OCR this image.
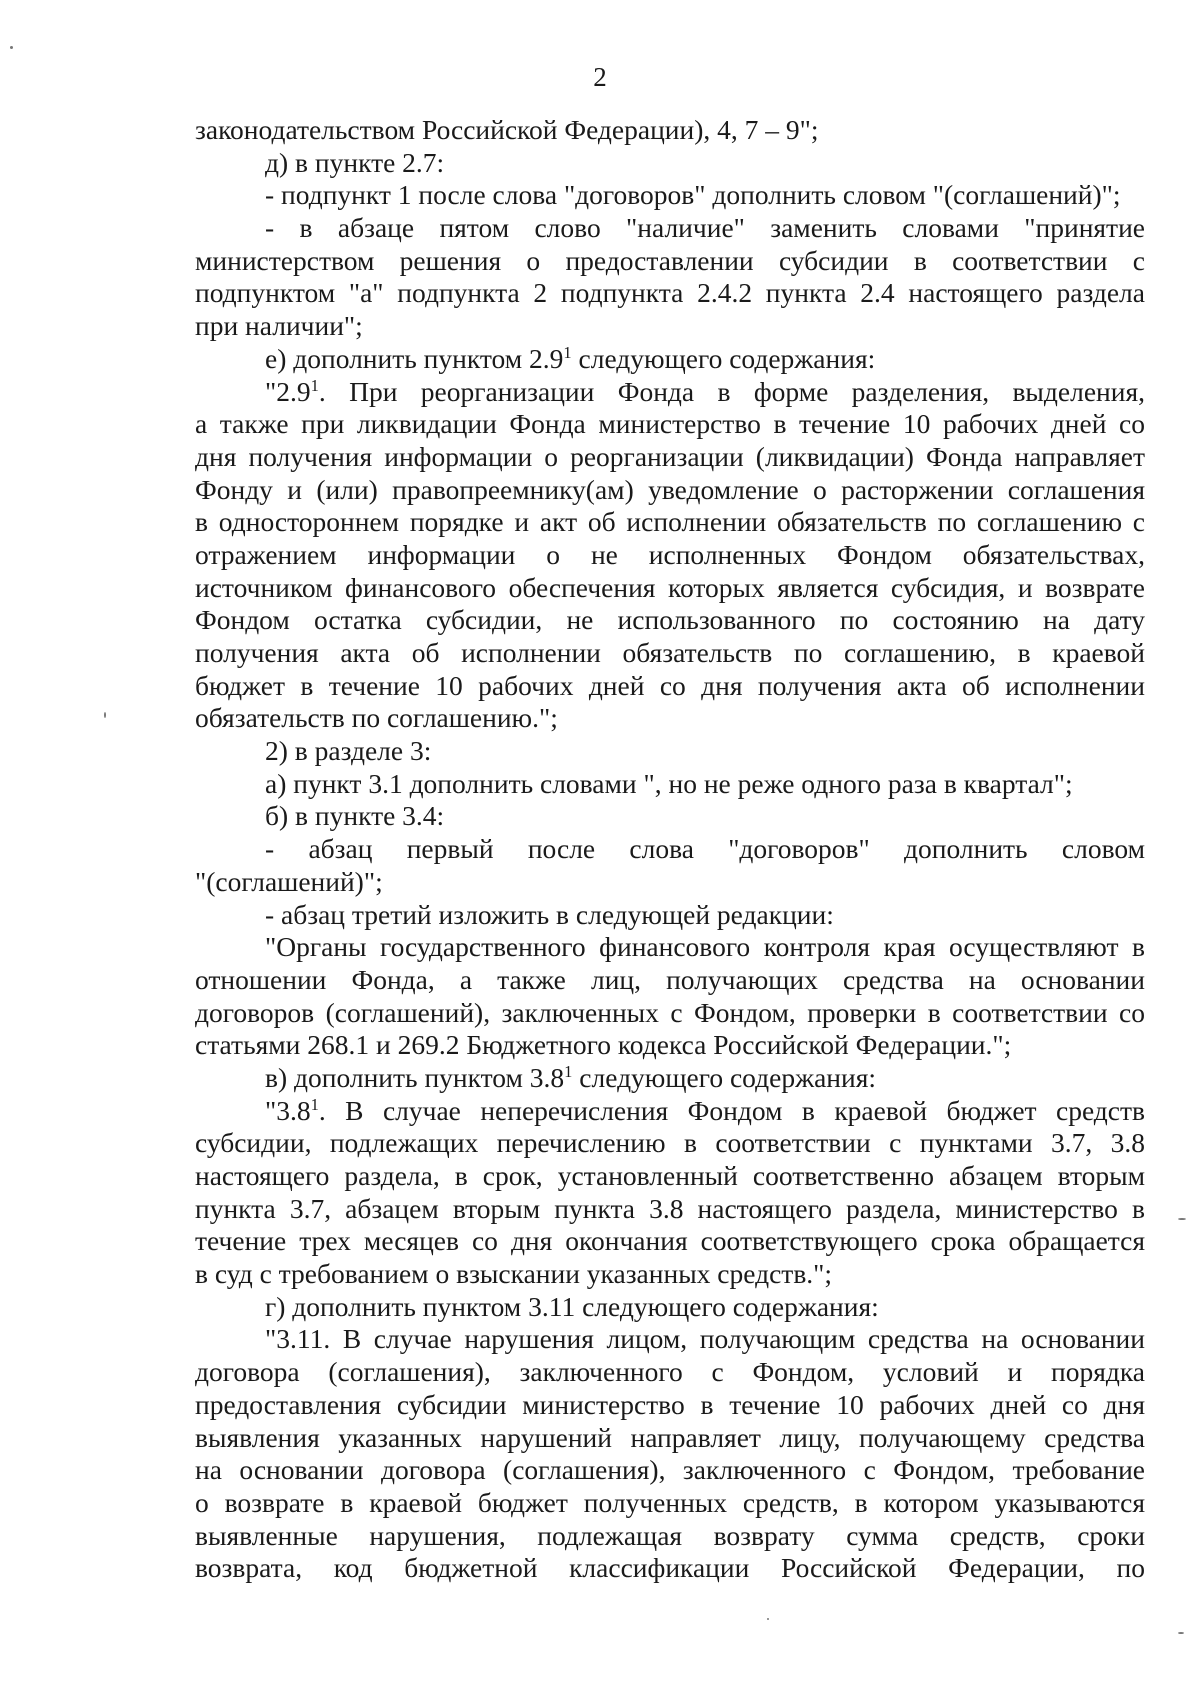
2
законодательством Российской Федерации), 4, 7 – 9";
д) в пункте 2.7:
- подпункт 1 после слова "договоров" дополнить словом "(соглашений)";
- в абзаце пятом слово "наличие" заменить словами "принятие
министерством решения о предоставлении субсидии в соответствии с
подпунктом "а" подпункта 2 подпункта 2.4.2 пункта 2.4 настоящего раздела
при наличии";
е) дополнить пунктом $2.9^1$ следующего содержания:
"$2.9^1$. При реорганизации Фонда в форме разделения, выделения,
а также при ликвидации Фонда министерство в течение 10 рабочих дней со
дня получения информации о реорганизации (ликвидации) Фонда направляет
Фонду и (или) правопреемнику(ам) уведомление о расторжении соглашения
в одностороннем порядке и акт об исполнении обязательств по соглашению с
отражением информации о не исполненных Фондом обязательствах,
источником финансового обеспечения которых является субсидия, и возврате
Фондом остатка субсидии, не использованного по состоянию на дату
получения акта об исполнении обязательств по соглашению, в краевой
бюджет в течение 10 рабочих дней со дня получения акта об исполнении
обязательств по соглашению.";
2) в разделе 3:
а) пункт 3.1 дополнить словами ", но не реже одного раза в квартал";
б) в пункте 3.4:
- абзац первый после слова "договоров" дополнить словом
"(соглашений)";
- абзац третий изложить в следующей редакции:
"Органы государственного финансового контроля края осуществляют в
отношении Фонда, а также лиц, получающих средства на основании
договоров (соглашений), заключенных с Фондом, проверки в соответствии со
статьями 268.1 и 269.2 Бюджетного кодекса Российской Федерации.";
в) дополнить пунктом $3.8^1$ следующего содержания:
"$3.8^1$. В случае неперечисления Фондом в краевой бюджет средств
субсидии, подлежащих перечислению в соответствии с пунктами 3.7, 3.8
настоящего раздела, в срок, установленный соответственно абзацем вторым
пункта 3.7, абзацем вторым пункта 3.8 настоящего раздела, министерство в
течение трех месяцев со дня окончания соответствующего срока обращается
в суд с требованием о взыскании указанных средств.";
г) дополнить пунктом 3.11 следующего содержания:
"3.11. В случае нарушения лицом, получающим средства на основании
договора (соглашения), заключенного с Фондом, условий и порядка
предоставления субсидии министерство в течение 10 рабочих дней со дня
выявления указанных нарушений направляет лицу, получающему средства
на основании договора (соглашения), заключенного с Фондом, требование
о возврате в краевой бюджет полученных средств, в котором указываются
выявленные нарушения, подлежащая возврату сумма средств, сроки
возврата, код бюджетной классификации Российской Федерации, по
